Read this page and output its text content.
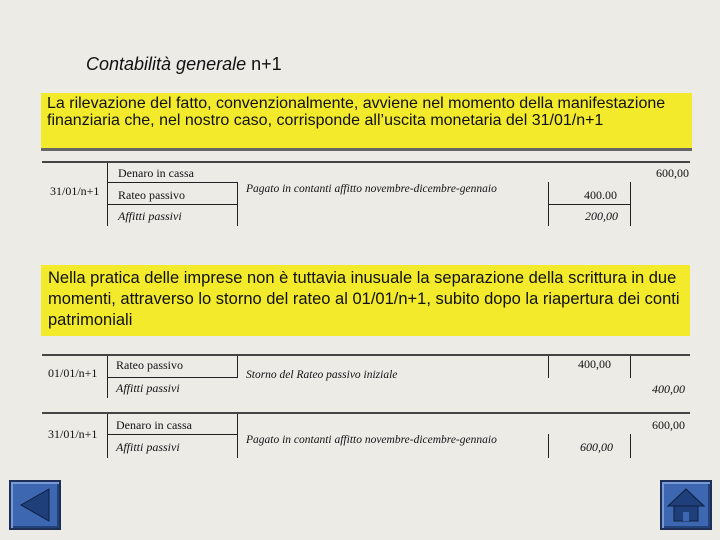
Contabilità generale n+1
La rilevazione del fatto, convenzionalmente, avviene nel momento della manifestazione finanziaria che, nel nostro caso, corrisponde all’uscita monetaria del 31/01/n+1
31/01/n+1
Denaro in cassa
Rateo passivo
Affitti passivi
Pagato in contanti affitto novembre-dicembre-gennaio
600,00
400.00
200,00
Nella pratica delle imprese non è tuttavia inusuale la separazione della scrittura in due momenti, attraverso lo storno del rateo al 01/01/n+1, subito dopo la riapertura dei conti patrimoniali
01/01/n+1
Rateo passivo
Affitti passivi
Storno del Rateo passivo iniziale
400,00
400,00
31/01/n+1
Denaro in cassa
Affitti passivi	Pagato in contanti affitto novembre-dicembre-gennaio
600,00
600,00
